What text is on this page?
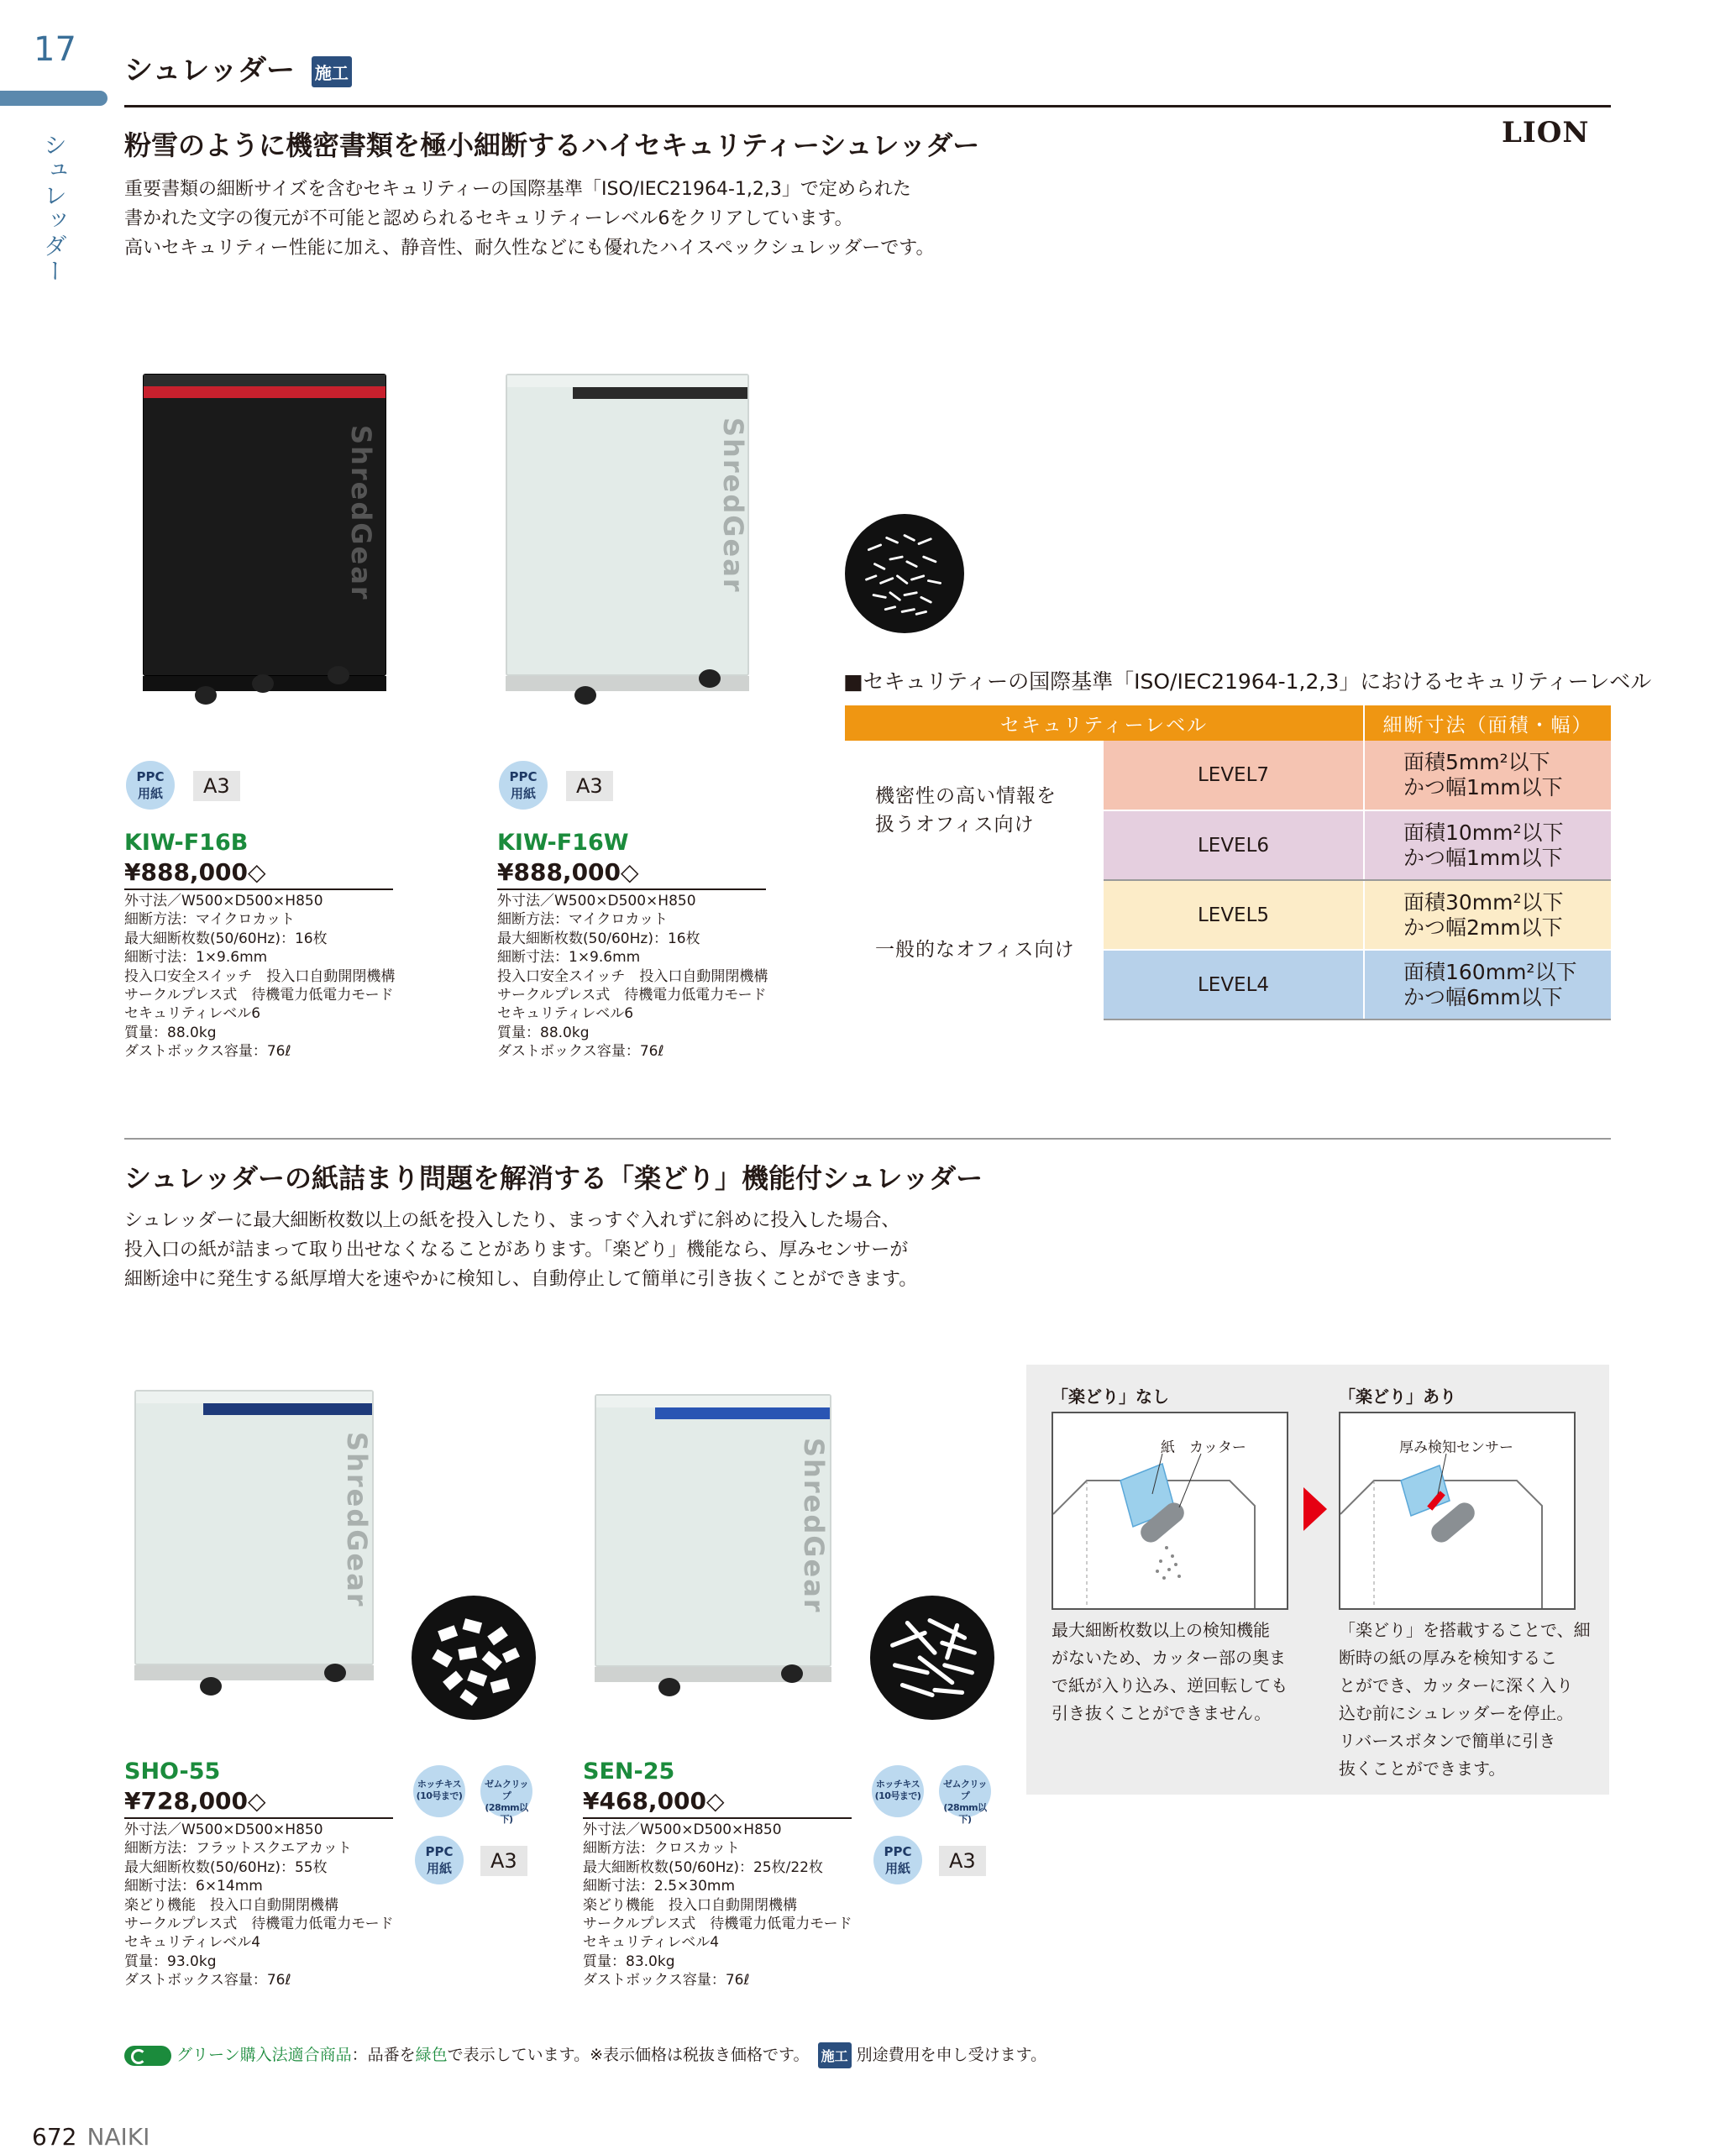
17
シュレッダー
シュレッダー 施工
LION
粉雪のように機密書類を極小細断するハイセキュリティーシュレッダー
重要書類の細断サイズを含むセキュリティーの国際基準「ISO/IEC21964-1,2,3」で定められた
書かれた文字の復元が不可能と認められるセキュリティーレベル6をクリアしています。
高いセキュリティー性能に加え、静音性、耐久性などにも優れたハイスペックシュレッダーです。
ShredGear	ShredGear
PPC
用紙	A3
KIW-F16B
¥888,000◇
外寸法／W500×D500×H850
細断方法：マイクロカット
最大細断枚数(50/60Hz)：16枚
細断寸法：1×9.6mm
投入口安全スイッチ　投入口自動開閉機構
サークルプレス式　待機電力低電力モード
セキュリティレベル6
質量：88.0kg
ダストボックス容量：76ℓ
PPC
用紙	A3
KIW-F16W
¥888,000◇
外寸法／W500×D500×H850
細断方法：マイクロカット
最大細断枚数(50/60Hz)：16枚
細断寸法：1×9.6mm
投入口安全スイッチ　投入口自動開閉機構
サークルプレス式　待機電力低電力モード
セキュリティレベル6
質量：88.0kg
ダストボックス容量：76ℓ
■セキュリティーの国際基準「ISO/IEC21964-1,2,3」におけるセキュリティーレベル
セキュリティーレベル		細断寸法（面積・幅）
機密性の高い情報を
扱うオフィス向け	LEVEL7	面積5mm²以下
かつ幅1mm以下
	LEVEL6	面積10mm²以下
かつ幅1mm以下
一般的なオフィス向け	LEVEL5	面積30mm²以下
かつ幅2mm以下
	LEVEL4	面積160mm²以下
かつ幅6mm以下
シュレッダーの紙詰まり問題を解消する「楽どり」機能付シュレッダー
シュレッダーに最大細断枚数以上の紙を投入したり、まっすぐ入れずに斜めに投入した場合、
投入口の紙が詰まって取り出せなくなることがあります。「楽どり」機能なら、厚みセンサーが
細断途中に発生する紙厚増大を速やかに検知し、自動停止して簡単に引き抜くことができます。
ShredGear	ShredGear
ホッチキス
(10号まで)
ゼムクリップ
(28mm以下)
PPC
用紙	A3
SHO-55
¥728,000◇
外寸法／W500×D500×H850
細断方法：フラットスクエアカット
最大細断枚数(50/60Hz)：55枚
細断寸法：6×14mm
楽どり機能　投入口自動開閉機構
サークルプレス式　待機電力低電力モード
セキュリティレベル4
質量：93.0kg
ダストボックス容量：76ℓ
ホッチキス
(10号まで)
ゼムクリップ
(28mm以下)
PPC
用紙	A3
SEN-25
¥468,000◇
外寸法／W500×D500×H850
細断方法：クロスカット
最大細断枚数(50/60Hz)：25枚/22枚
細断寸法：2.5×30mm
楽どり機能　投入口自動開閉機構
サークルプレス式　待機電力低電力モード
セキュリティレベル4
質量：83.0kg
ダストボックス容量：76ℓ
「楽どり」なし
紙　カッター
最大細断枚数以上の検知機能
がないため、カッター部の奥ま
で紙が入り込み、逆回転しても
引き抜くことができません。
「楽どり」あり
厚み検知センサー
「楽どり」を搭載することで、細
断時の紙の厚みを検知するこ
とができ、カッターに深く入り
込む前にシュレッダーを停止。
リバースボタンで簡単に引き
抜くことができます。
グリーン購入法適合商品：品番を緑色で表示しています。※表示価格は税抜き価格です。 施工 別途費用を申し受けます。
672 NAIKI
